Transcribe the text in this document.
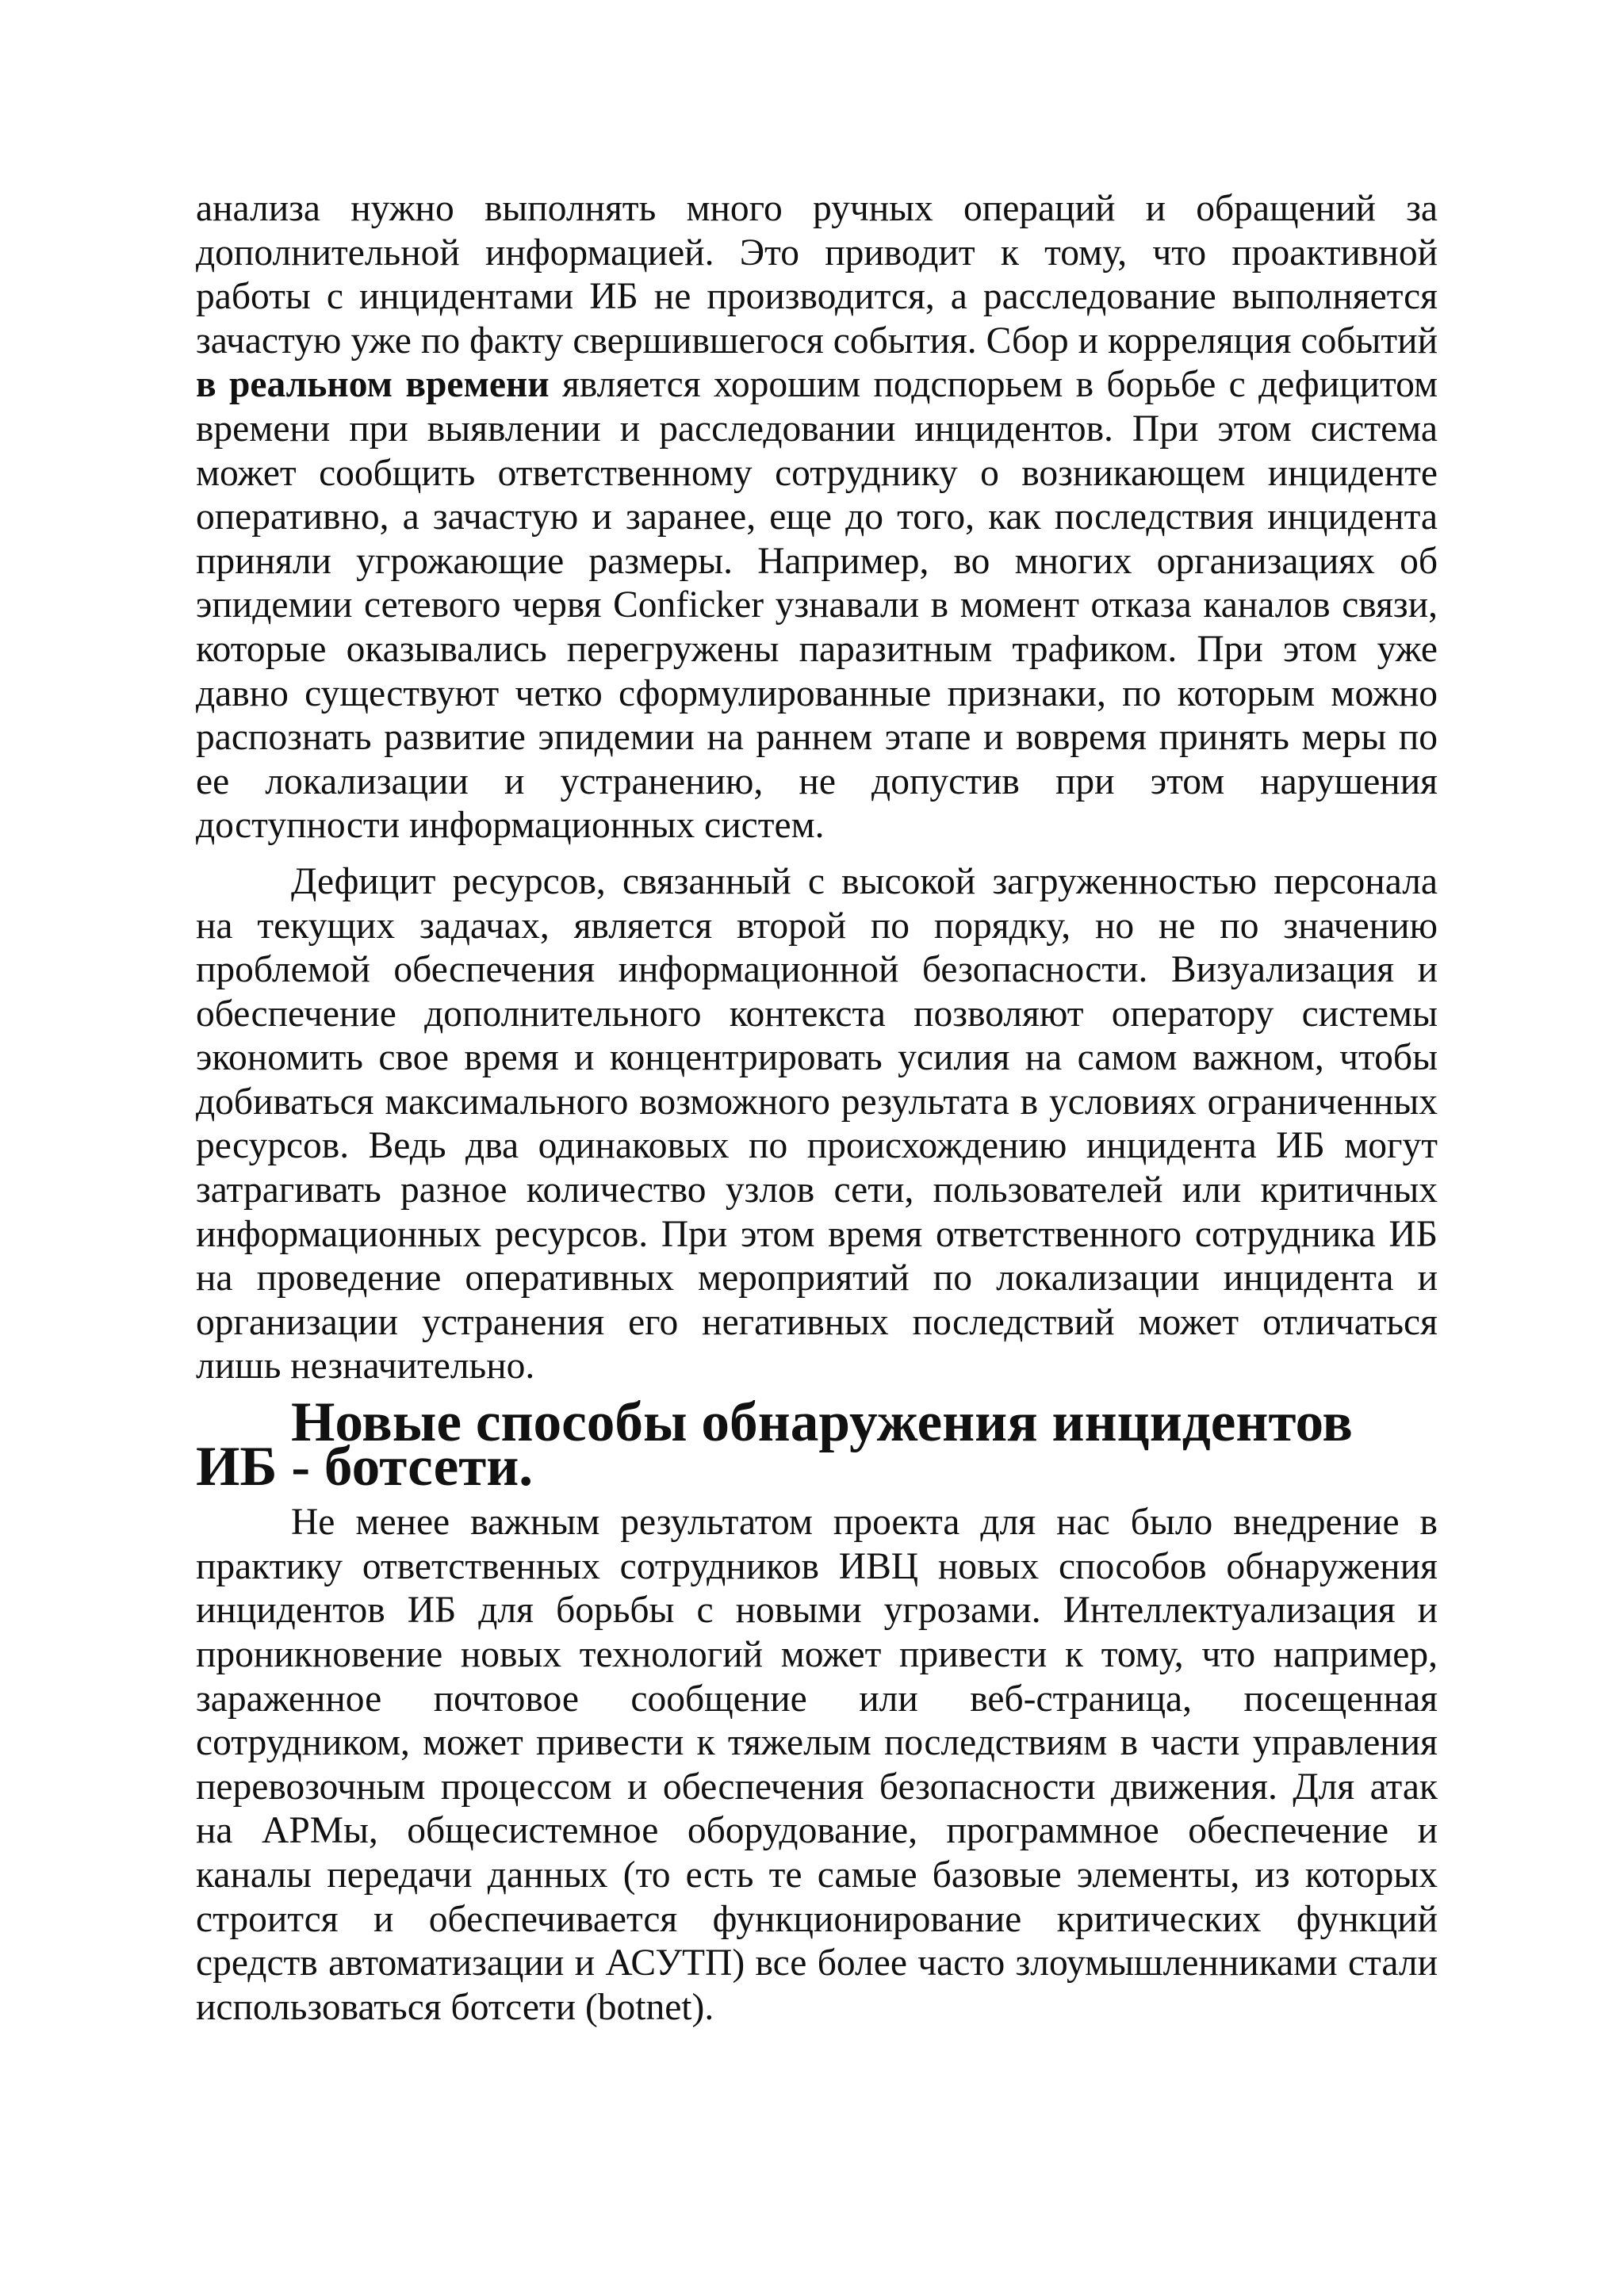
анализа нужно выполнять много ручных операций и обращений за дополнительной информацией. Это приводит к тому, что проактивной работы с инцидентами ИБ не производится, а расследование выполняется зачастую уже по факту свершившегося события. Сбор и корреляция событий в реальном времени является хорошим подспорьем в борьбе с дефицитом времени при выявлении и расследовании инцидентов. При этом система может сообщить ответственному сотруднику о возникающем инциденте оперативно, а зачастую и заранее, еще до того, как последствия инцидента приняли угрожающие размеры. Например, во многих организациях об эпидемии сетевого червя Conficker узнавали в момент отказа каналов связи, которые оказывались перегружены паразитным трафиком. При этом уже давно существуют четко сформулированные признаки, по которым можно распознать развитие эпидемии на раннем этапе и вовремя принять меры по ее локализации и устранению, не допустив при этом нарушения доступности информационных систем.

Дефицит ресурсов, связанный с высокой загруженностью персонала на текущих задачах, является второй по порядку, но не по значению проблемой обеспечения информационной безопасности. Визуализация и обеспечение дополнительного контекста позволяют оператору системы экономить свое время и концентрировать усилия на самом важном, чтобы добиваться максимального возможного результата в условиях ограниченных ресурсов. Ведь два одинаковых по происхождению инцидента ИБ могут затрагивать разное количество узлов сети, пользователей или критичных информационных ресурсов. При этом время ответственного сотрудника ИБ на проведение оперативных мероприятий по локализации инцидента и организации устранения его негативных последствий может отличаться лишь незначительно.

Новые способы обнаружения инцидентов ИБ - ботсети.

Не менее важным результатом проекта для нас было внедрение в практику ответственных сотрудников ИВЦ новых способов обнаружения инцидентов ИБ для борьбы с новыми угрозами. Интеллектуализация и проникновение новых технологий может привести к тому, что например, зараженное почтовое сообщение или веб-страница, посещенная сотрудником, может привести к тяжелым последствиям в части управления перевозочным процессом и обеспечения безопасности движения. Для атак на АРМы, общесистемное оборудование, программное обеспечение и каналы передачи данных (то есть те самые базовые элементы, из которых строится и обеспечивается функционирование критических функций средств автоматизации и АСУТП) все более часто злоумышленниками стали использоваться ботсети (botnet).
